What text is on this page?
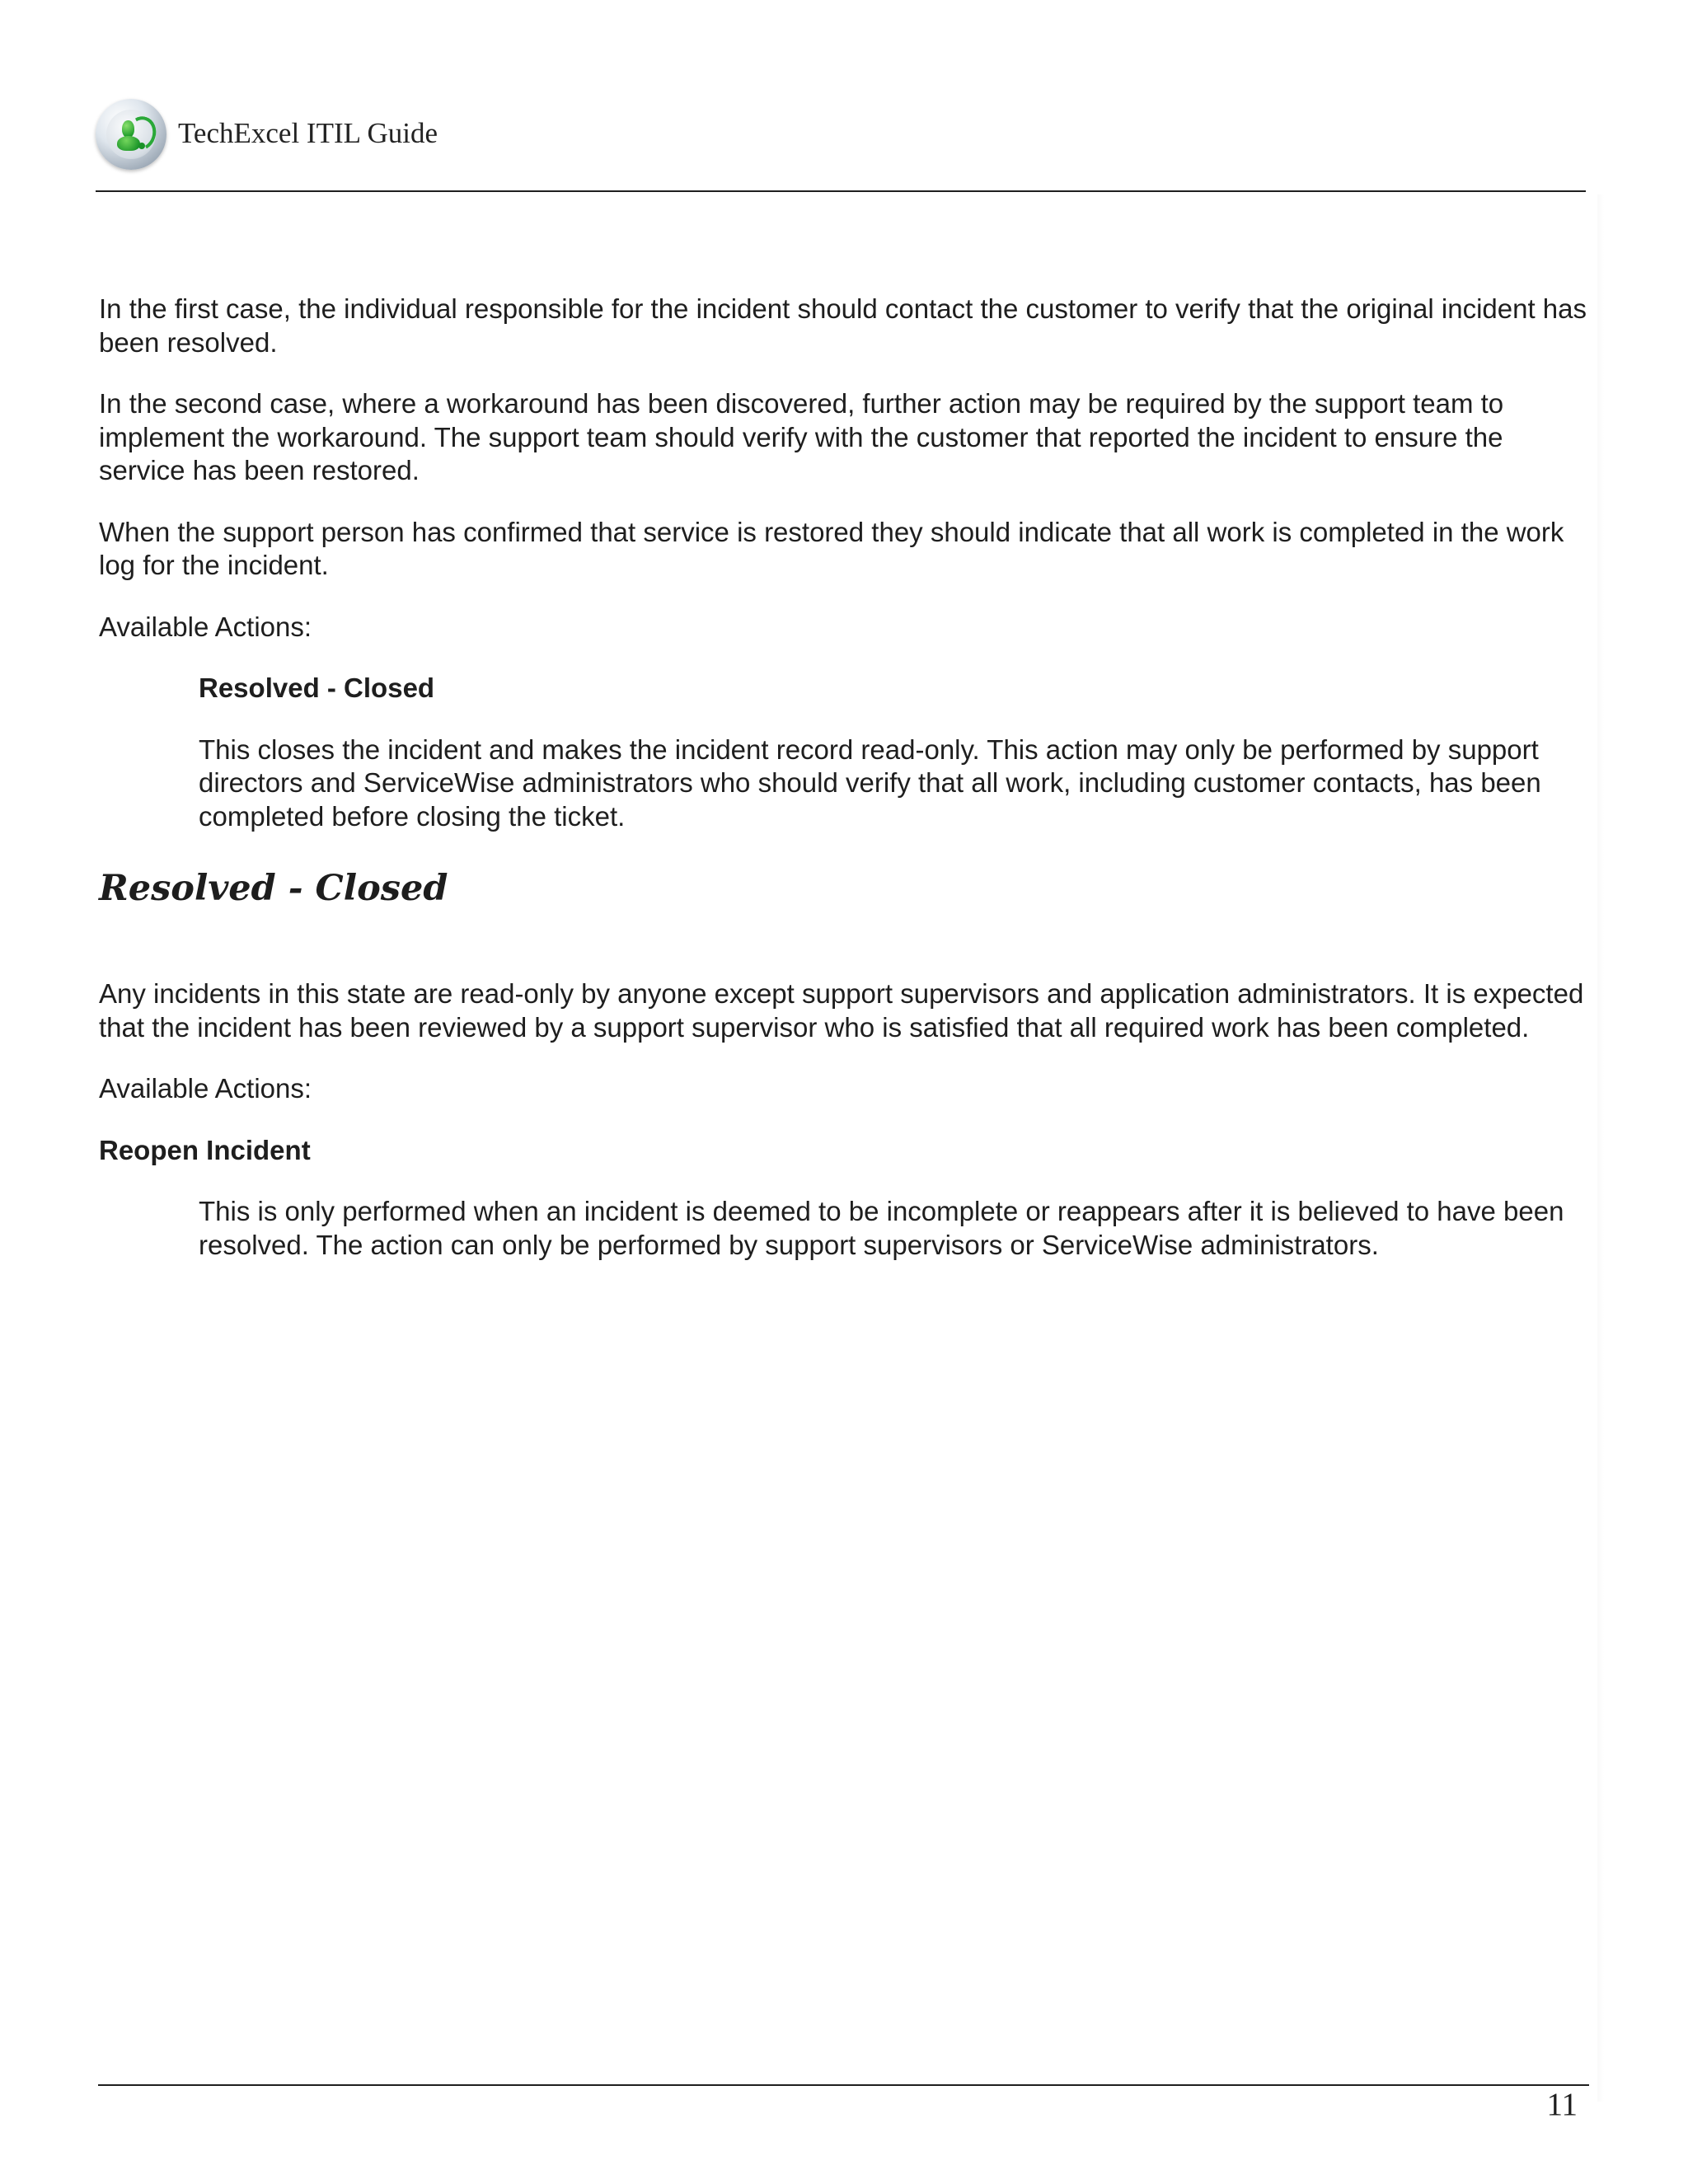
TechExcel ITIL Guide

In the first case, the individual responsible for the incident should contact the customer to verify that the original incident has been resolved.

In the second case, where a workaround has been discovered, further action may be required by the support team to implement the workaround. The support team should verify with the customer that reported the incident to ensure the service has been restored.

When the support person has confirmed that service is restored they should indicate that all work is completed in the work log for the incident.

Available Actions:

Resolved - Closed

This closes the incident and makes the incident record read-only. This action may only be performed by support directors and ServiceWise administrators who should verify that all work, including customer contacts, has been completed before closing the ticket.

Resolved - Closed

Any incidents in this state are read-only by anyone except support supervisors and application administrators. It is expected that the incident has been reviewed by a support supervisor who is satisfied that all required work has been completed.

Available Actions:

Reopen Incident

This is only performed when an incident is deemed to be incomplete or reappears after it is believed to have been resolved. The action can only be performed by support supervisors or ServiceWise administrators.

11
